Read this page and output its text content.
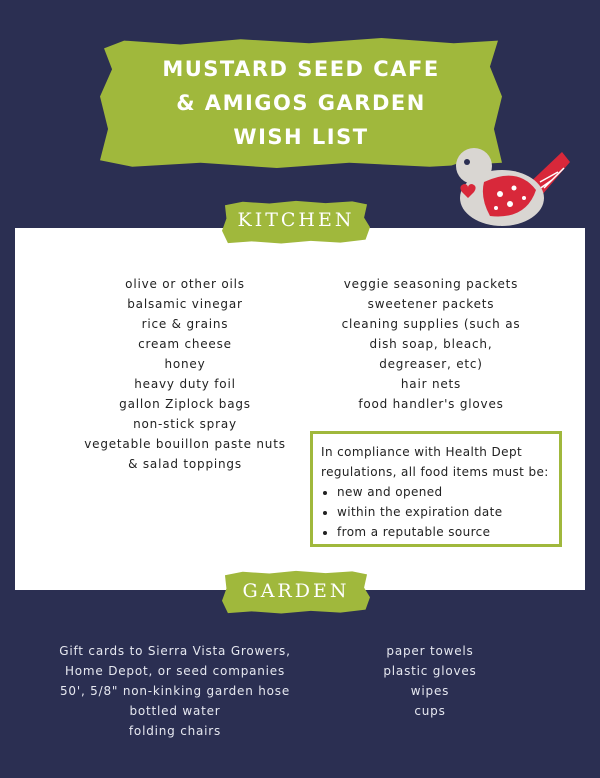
MUSTARD SEED CAFE
& AMIGOS GARDEN
WISH LIST
KITCHEN
olive or other oils
balsamic vinegar
rice & grains
cream cheese
honey
heavy duty foil
gallon Ziplock bags
non-stick spray
vegetable bouillon paste nuts
& salad toppings
veggie seasoning packets
sweetener packets
cleaning supplies (such as
dish soap, bleach,
degreaser, etc)
hair nets
food handler's gloves
In compliance with Health Dept regulations, all food items must be:
• new and opened
• within the expiration date
• from a reputable source
GARDEN
Gift cards to Sierra Vista Growers,
Home Depot, or seed companies
50', 5/8" non-kinking garden hose
bottled water
folding chairs
paper towels
plastic gloves
wipes
cups
